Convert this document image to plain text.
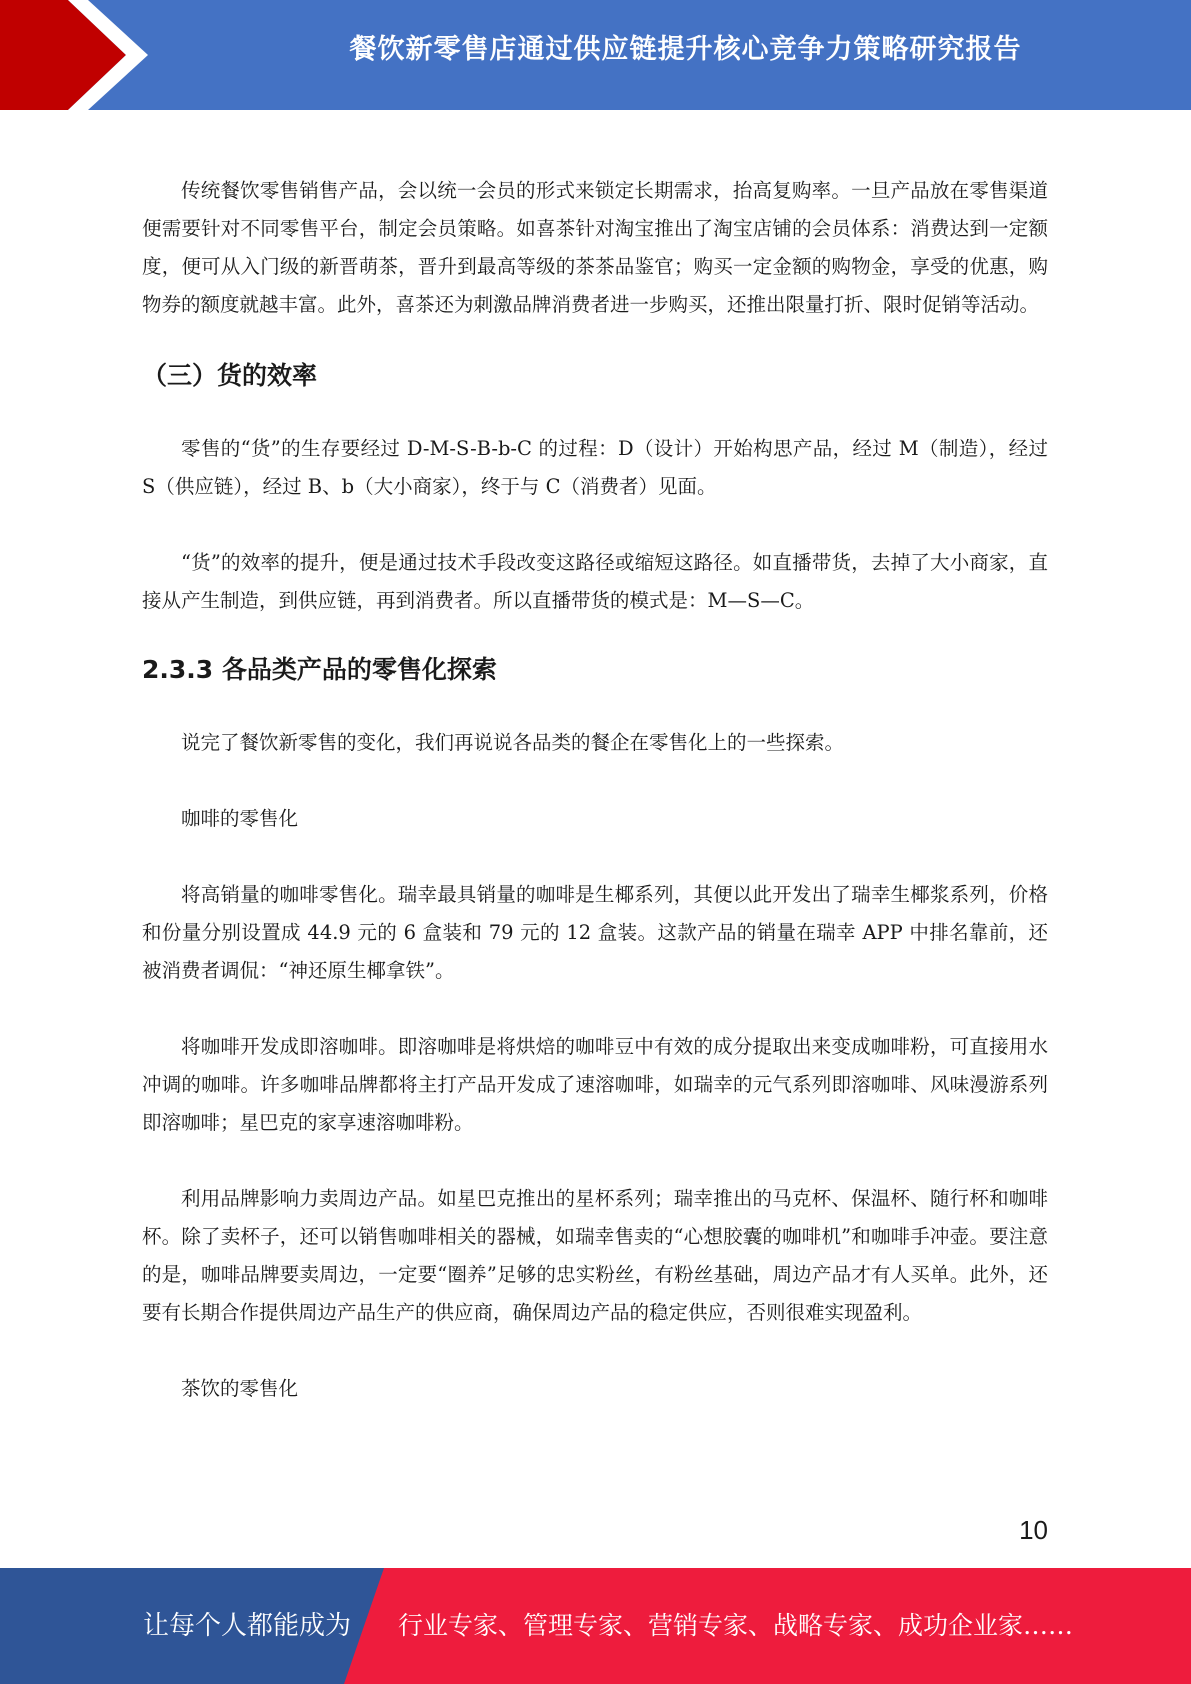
餐饮新零售店通过供应链提升核心竞争力策略研究报告

传统餐饮零售销售产品，会以统一会员的形式来锁定长期需求，抬高复购率。一旦产品放在零售渠道便需要针对不同零售平台，制定会员策略。如喜茶针对淘宝推出了淘宝店铺的会员体系：消费达到一定额度，便可从入门级的新晋萌茶，晋升到最高等级的茶茶品鉴官；购买一定金额的购物金，享受的优惠，购物券的额度就越丰富。此外，喜茶还为刺激品牌消费者进一步购买，还推出限量打折、限时促销等活动。

（三）货的效率

零售的“货”的生存要经过 D-M-S-B-b-C 的过程：D（设计）开始构思产品，经过 M（制造），经过 S（供应链），经过 B、b（大小商家），终于与 C（消费者）见面。

“货”的效率的提升，便是通过技术手段改变这路径或缩短这路径。如直播带货，去掉了大小商家，直接从产生制造，到供应链，再到消费者。所以直播带货的模式是：M—S—C。

2.3.3 各品类产品的零售化探索

说完了餐饮新零售的变化，我们再说说各品类的餐企在零售化上的一些探索。

咖啡的零售化

将高销量的咖啡零售化。瑞幸最具销量的咖啡是生椰系列，其便以此开发出了瑞幸生椰浆系列，价格和份量分别设置成 44.9 元的 6 盒装和 79 元的 12 盒装。这款产品的销量在瑞幸 APP 中排名靠前，还被消费者调侃：“神还原生椰拿铁”。

将咖啡开发成即溶咖啡。即溶咖啡是将烘焙的咖啡豆中有效的成分提取出来变成咖啡粉，可直接用水冲调的咖啡。许多咖啡品牌都将主打产品开发成了速溶咖啡，如瑞幸的元气系列即溶咖啡、风味漫游系列即溶咖啡；星巴克的家享速溶咖啡粉。

利用品牌影响力卖周边产品。如星巴克推出的星杯系列；瑞幸推出的马克杯、保温杯、随行杯和咖啡杯。除了卖杯子，还可以销售咖啡相关的器械，如瑞幸售卖的“心想胶囊的咖啡机”和咖啡手冲壶。要注意的是，咖啡品牌要卖周边，一定要“圈养”足够的忠实粉丝，有粉丝基础，周边产品才有人买单。此外，还要有长期合作提供周边产品生产的供应商，确保周边产品的稳定供应，否则很难实现盈利。

茶饮的零售化

10
让每个人都能成为 行业专家、管理专家、营销专家、战略专家、成功企业家……
